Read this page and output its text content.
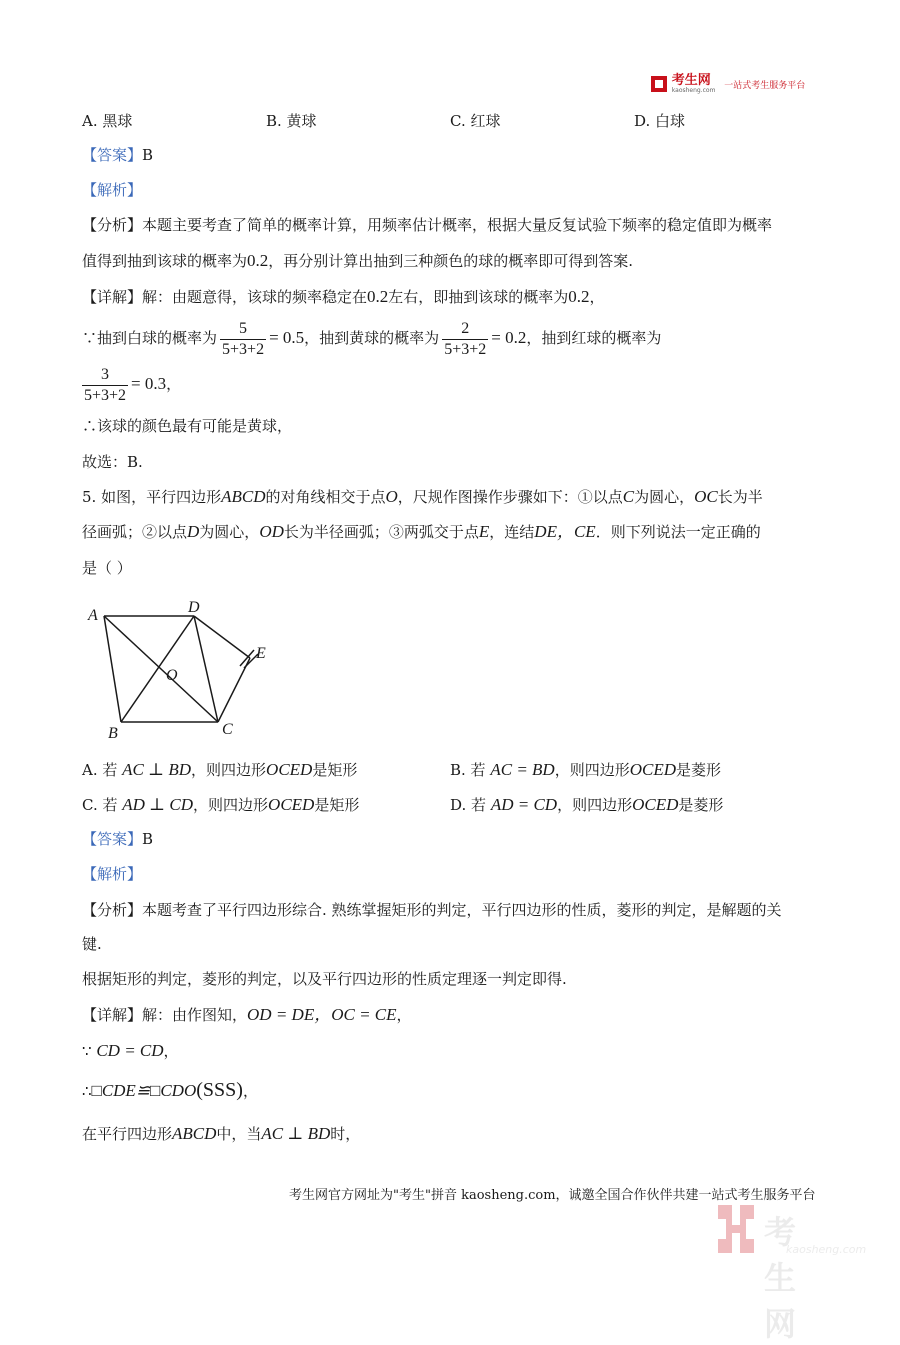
考生网
kaosheng.com 一站式考生服务平台
A. 黑球	B. 黄球	C. 红球	D. 白球
【答案】B
【解析】
【分析】本题主要考查了简单的概率计算，用频率估计概率，根据大量反复试验下频率的稳定值即为概率
值得到抽到该球的概率为0.2，再分别计算出抽到三种颜色的球的概率即可得到答案.
【详解】解：由题意得，该球的频率稳定在0.2左右，即抽到该球的概率为0.2，
∵抽到白球的概率为 $\frac{5}{5+3+2} = 0.5$，抽到黄球的概率为 $\frac{2}{5+3+2} = 0.2$，抽到红球的概率为
$\frac{3}{5+3+2} = 0.3$，
∴该球的颜色最有可能是黄球，
故选：B.
5. 如图，平行四边形ABCD的对角线相交于点O，尺规作图操作步骤如下：①以点C为圆心，OC长为半
径画弧；②以点D为圆心，OD长为半径画弧；③两弧交于点E，连结DE，CE．则下列说法一定正确的
是（ ）
A	D
E
O
C
B
A. 若 AC ⊥ BD，则四边形OCED是矩形	B. 若 AC = BD，则四边形OCED是菱形
C. 若 AD ⊥ CD，则四边形OCED是矩形	D. 若 AD = CD，则四边形OCED是菱形
【答案】B
【解析】
【分析】本题考查了平行四边形综合. 熟练掌握矩形的判定，平行四边形的性质，菱形的判定，是解题的关
键.
根据矩形的判定，菱形的判定，以及平行四边形的性质定理逐一判定即得.
【详解】解：由作图知，OD = DE，OC = CE，
∵ CD = CD，
∴□CDE≌□CDO(SSS)，
在平行四边形ABCD中，当AC ⊥ BD时，
考生网官方网址为"考生"拼音 kaosheng.com，诚邀全国合作伙伴共建一站式考生服务平台
考生网
kaosheng.com
